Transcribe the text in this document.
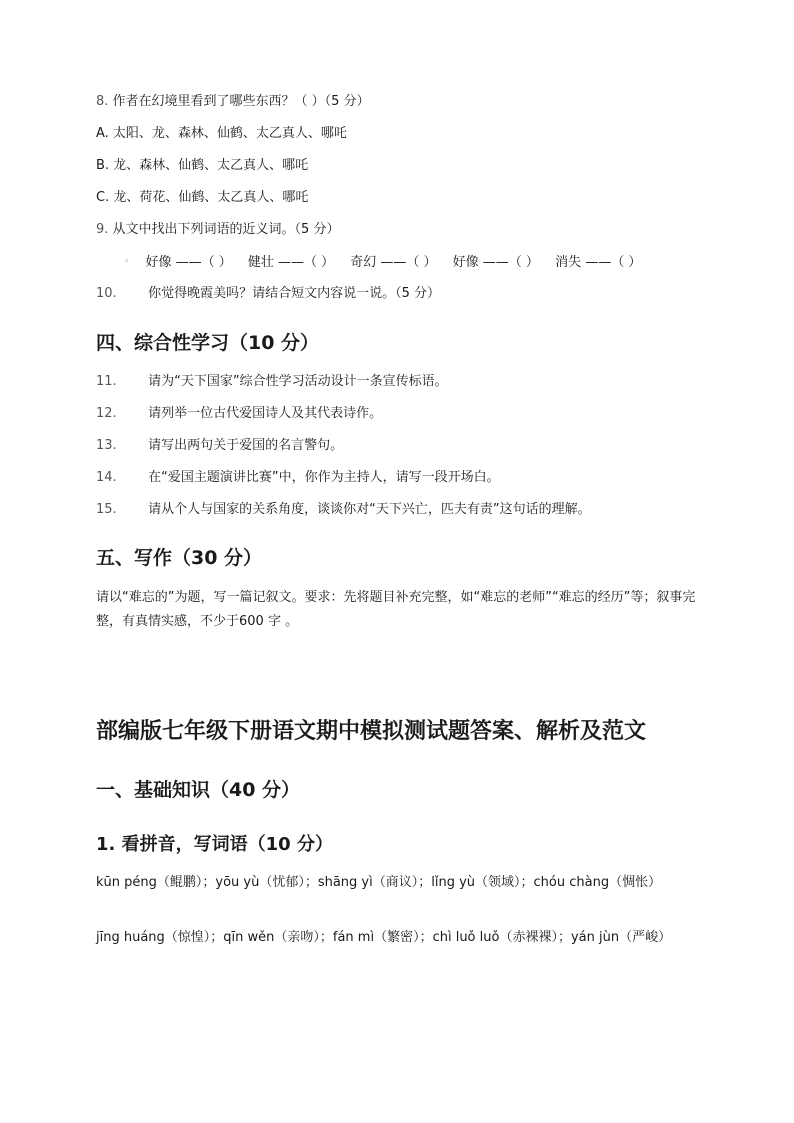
8. 作者在幻境里看到了哪些东西？（ ）（5 分）
A. 太阳、龙、森林、仙鹤、太乙真人、哪吒
B. 龙、森林、仙鹤、太乙真人、哪吒
C. 龙、荷花、仙鹤、太乙真人、哪吒
9. 从文中找出下列词语的近义词。（5 分）
◦ 好像 ——（ ） 健壮 ——（ ） 奇幻 ——（ ） 好像 ——（ ） 消失 ——（ ）
10. 你觉得晚霞美吗？请结合短文内容说一说。（5 分）
四、综合性学习（10 分）
11. 请为“天下国家”综合性学习活动设计一条宣传标语。
12. 请列举一位古代爱国诗人及其代表诗作。
13. 请写出两句关于爱国的名言警句。
14. 在“爱国主题演讲比赛”中，你作为主持人，请写一段开场白。
15. 请从个人与国家的关系角度，谈谈你对“天下兴亡，匹夫有责”这句话的理解。
五、写作（30 分）
请以“难忘的”为题，写一篇记叙文。要求：先将题目补充完整，如“难忘的老师”“难忘的经历”等；叙事完整，有真情实感，不少于600 字 。
部编版七年级下册语文期中模拟测试题答案、解析及范文
一、基础知识（40 分）
1. 看拼音，写词语（10 分）
kūn péng（鲲鹏）；yōu yù（忧郁）；shāng yì（商议）；lǐng yù（领域）；chóu chàng（惆怅）
jīng huáng（惊惶）；qīn wěn（亲吻）；fán mì（繁密）；chì luǒ luǒ（赤裸裸）；yán jùn（严峻）
